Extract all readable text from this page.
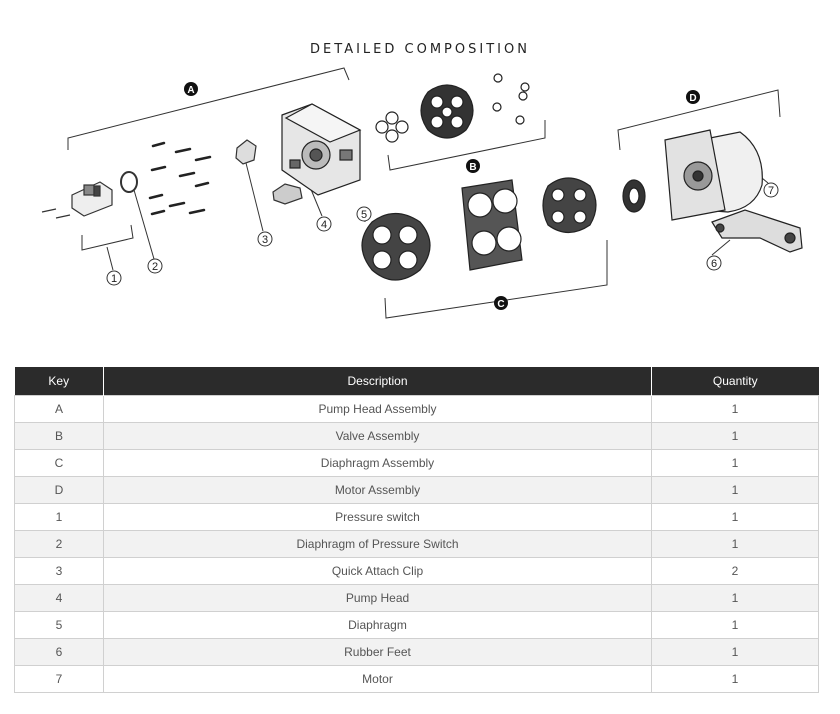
DETAILED COMPOSITION
A
B
C
D
1
2
3
4
5
6
7
Key	Description	Quantity
A	Pump Head Assembly	1
B	Valve Assembly	1
C	Diaphragm Assembly	1
D	Motor Assembly	1
1	Pressure switch	1
2	Diaphragm of Pressure Switch	1
3	Quick Attach Clip	2
4	Pump Head	1
5	Diaphragm	1
6	Rubber Feet	1
7	Motor	1
